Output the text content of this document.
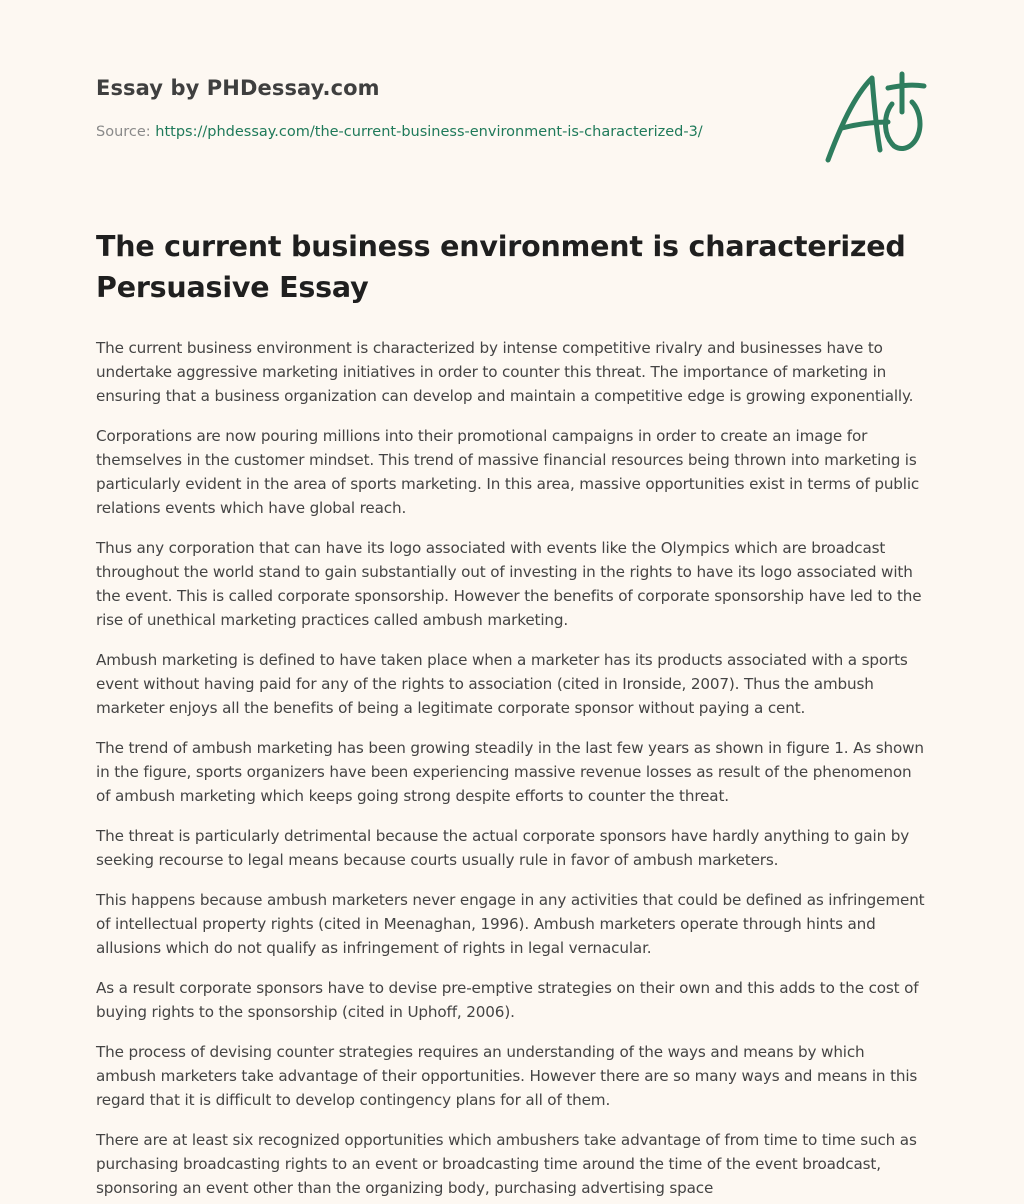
Essay by PHDessay.com
Source: https://phdessay.com/the-current-business-environment-is-characterized-3/
The current business environment is characterized Persuasive Essay

The current business environment is characterized by intense competitive rivalry and businesses have to undertake aggressive marketing initiatives in order to counter this threat. The importance of marketing in ensuring that a business organization can develop and maintain a competitive edge is growing exponentially.

Corporations are now pouring millions into their promotional campaigns in order to create an image for themselves in the customer mindset. This trend of massive financial resources being thrown into marketing is particularly evident in the area of sports marketing. In this area, massive opportunities exist in terms of public relations events which have global reach.

Thus any corporation that can have its logo associated with events like the Olympics which are broadcast throughout the world stand to gain substantially out of investing in the rights to have its logo associated with the event. This is called corporate sponsorship. However the benefits of corporate sponsorship have led to the rise of unethical marketing practices called ambush marketing.

Ambush marketing is defined to have taken place when a marketer has its products associated with a sports event without having paid for any of the rights to association (cited in Ironside, 2007). Thus the ambush marketer enjoys all the benefits of being a legitimate corporate sponsor without paying a cent.

The trend of ambush marketing has been growing steadily in the last few years as shown in figure 1. As shown in the figure, sports organizers have been experiencing massive revenue losses as result of the phenomenon of ambush marketing which keeps going strong despite efforts to counter the threat.

The threat is particularly detrimental because the actual corporate sponsors have hardly anything to gain by seeking recourse to legal means because courts usually rule in favor of ambush marketers.

This happens because ambush marketers never engage in any activities that could be defined as infringement of intellectual property rights (cited in Meenaghan, 1996). Ambush marketers operate through hints and allusions which do not qualify as infringement of rights in legal vernacular.

As a result corporate sponsors have to devise pre-emptive strategies on their own and this adds to the cost of buying rights to the sponsorship (cited in Uphoff, 2006).

The process of devising counter strategies requires an understanding of the ways and means by which ambush marketers take advantage of their opportunities. However there are so many ways and means in this regard that it is difficult to develop contingency plans for all of them.

There are at least six recognized opportunities which ambushers take advantage of from time to time such as purchasing broadcasting rights to an event or broadcasting time around the time of the event broadcast, sponsoring an event other than the organizing body, purchasing advertising space
